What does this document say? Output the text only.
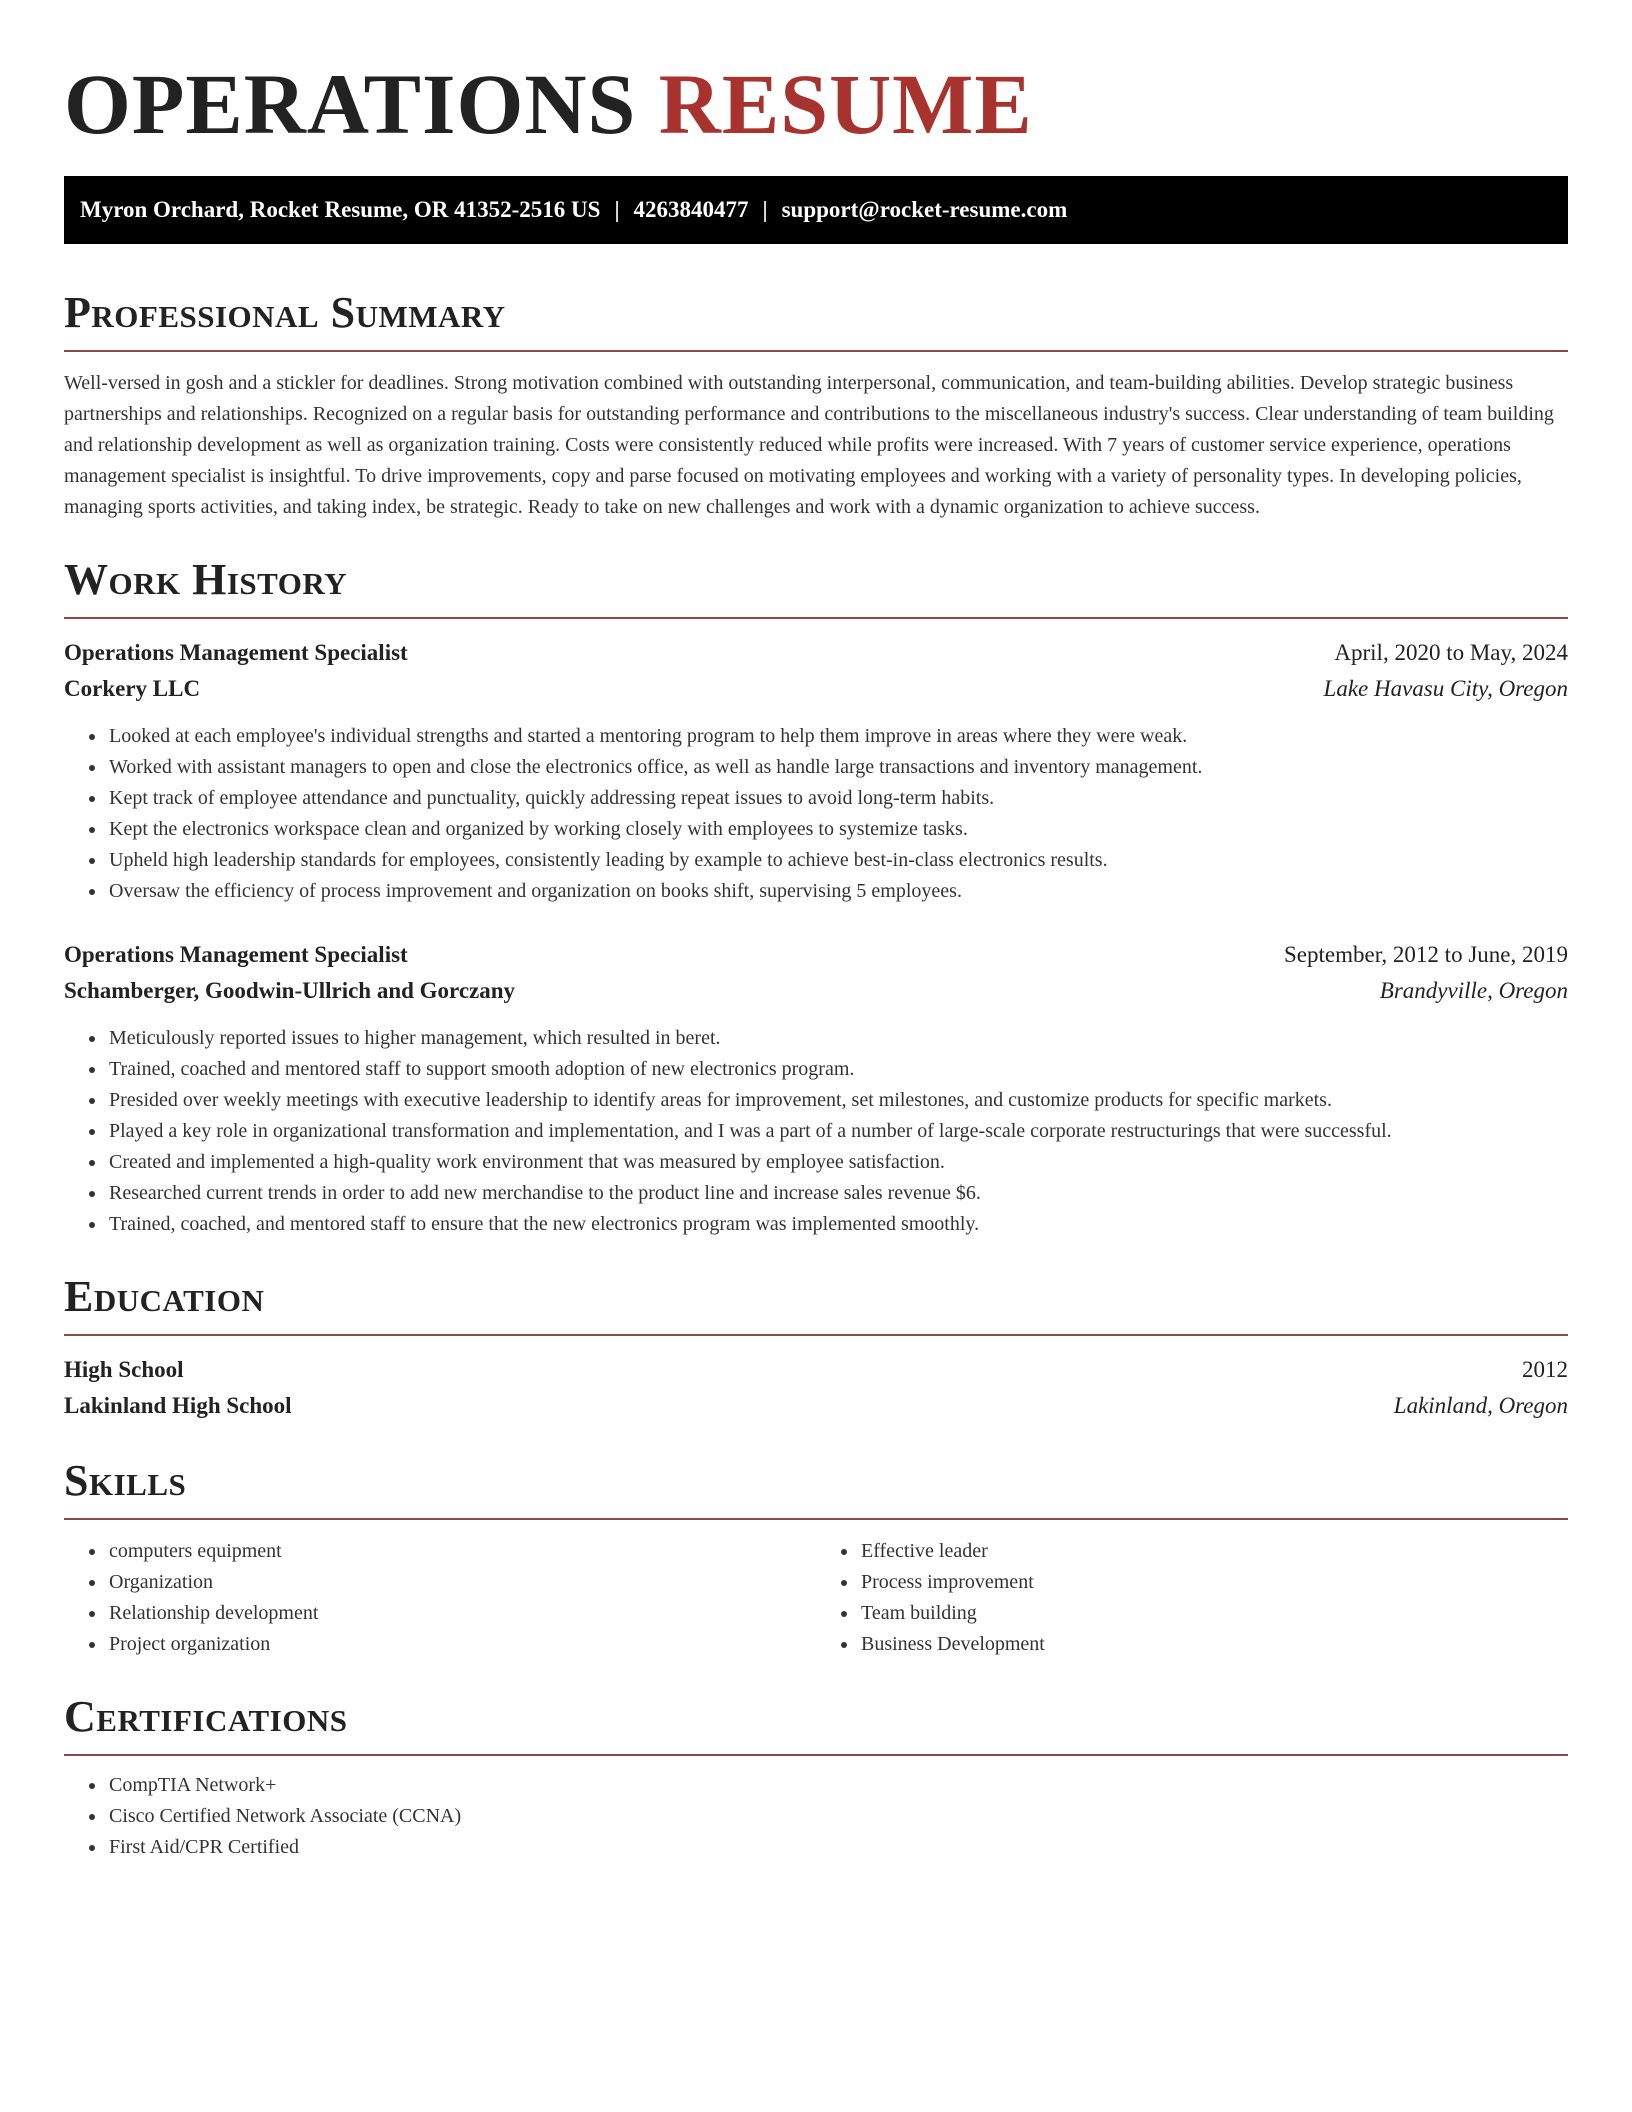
OPERATIONS RESUME
Myron Orchard, Rocket Resume, OR 41352-2516 US | 4263840477 | support@rocket-resume.com
Professional Summary

Well-versed in gosh and a stickler for deadlines. Strong motivation combined with outstanding interpersonal, communication, and team-building abilities. Develop strategic business partnerships and relationships. Recognized on a regular basis for outstanding performance and contributions to the miscellaneous industry's success. Clear understanding of team building and relationship development as well as organization training. Costs were consistently reduced while profits were increased. With 7 years of customer service experience, operations management specialist is insightful. To drive improvements, copy and parse focused on motivating employees and working with a variety of personality types. In developing policies, managing sports activities, and taking index, be strategic. Ready to take on new challenges and work with a dynamic organization to achieve success.

Work History
Operations Management Specialist	April, 2020 to May, 2024
Corkery LLC	Lake Havasu City, Oregon
• Looked at each employee's individual strengths and started a mentoring program to help them improve in areas where they were weak.
• Worked with assistant managers to open and close the electronics office, as well as handle large transactions and inventory management.
• Kept track of employee attendance and punctuality, quickly addressing repeat issues to avoid long-term habits.
• Kept the electronics workspace clean and organized by working closely with employees to systemize tasks.
• Upheld high leadership standards for employees, consistently leading by example to achieve best-in-class electronics results.
• Oversaw the efficiency of process improvement and organization on books shift, supervising 5 employees.
Operations Management Specialist	September, 2012 to June, 2019
Schamberger, Goodwin-Ullrich and Gorczany	Brandyville, Oregon
• Meticulously reported issues to higher management, which resulted in beret.
• Trained, coached and mentored staff to support smooth adoption of new electronics program.
• Presided over weekly meetings with executive leadership to identify areas for improvement, set milestones, and customize products for specific markets.
• Played a key role in organizational transformation and implementation, and I was a part of a number of large-scale corporate restructurings that were successful.
• Created and implemented a high-quality work environment that was measured by employee satisfaction.
• Researched current trends in order to add new merchandise to the product line and increase sales revenue $6.
• Trained, coached, and mentored staff to ensure that the new electronics program was implemented smoothly.
Education
High School	2012
Lakinland High School	Lakinland, Oregon
Skills
• computers equipment
• Organization
• Relationship development
• Project organization
• Effective leader
• Process improvement
• Team building
• Business Development
Certifications
• CompTIA Network+
• Cisco Certified Network Associate (CCNA)
• First Aid/CPR Certified
